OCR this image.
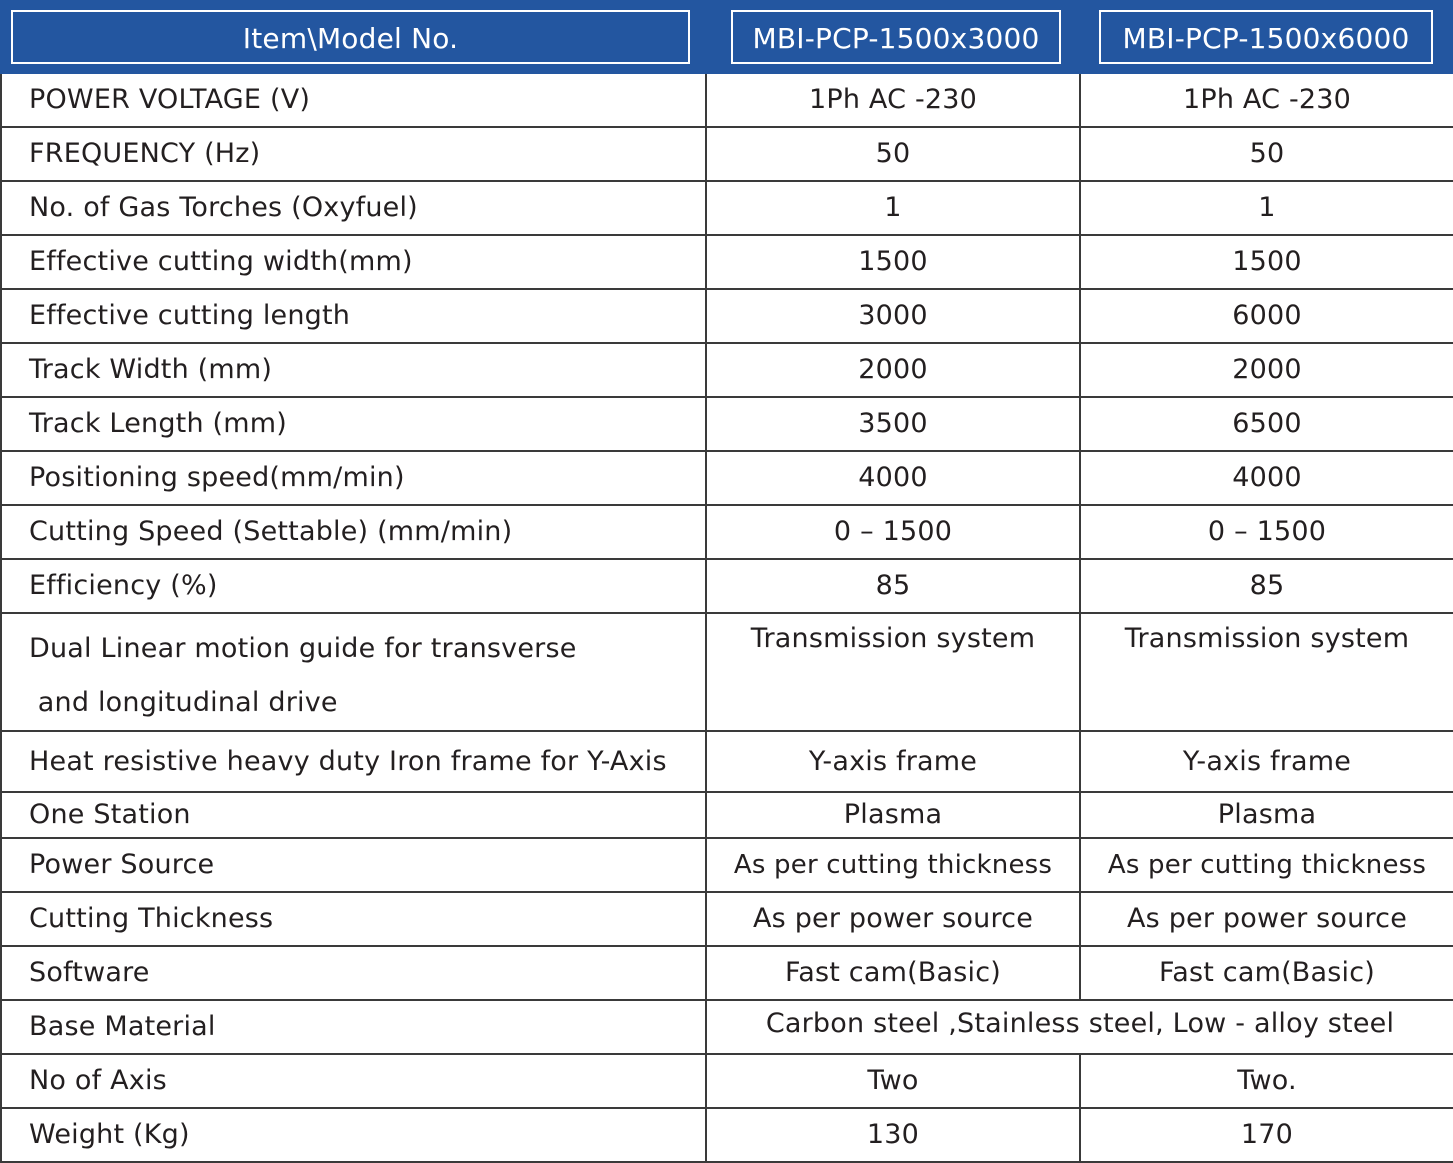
Item\Model No.	MBI-PCP-1500x3000	MBI-PCP-1500x6000

POWER VOLTAGE (V)	1Ph AC -230	1Ph AC -230
FREQUENCY (Hz)	50	50
No. of Gas Torches (Oxyfuel)	1	1
Effective cutting width(mm)	1500	1500
Effective cutting length	3000	6000
Track Width (mm)	2000	2000
Track Length (mm)	3500	6500
Positioning speed(mm/min)	4000	4000
Cutting Speed (Settable) (mm/min)	0 – 1500	0 – 1500
Efficiency (%)	85	85

Dual Linear motion guide for transverse
and longitudinal drive	Transmission system	Transmission system
Heat resistive heavy duty Iron frame for Y-Axis	Y-axis frame	Y-axis frame
One Station	Plasma	Plasma
Power Source	As per cutting thickness	As per cutting thickness
Cutting Thickness	As per power source	As per power source
Software	Fast cam(Basic)	Fast cam(Basic)
Base Material	Carbon steel ,Stainless steel, Low - alloy steel	
No of Axis	Two	Two.
Weight (Kg)	130	170
